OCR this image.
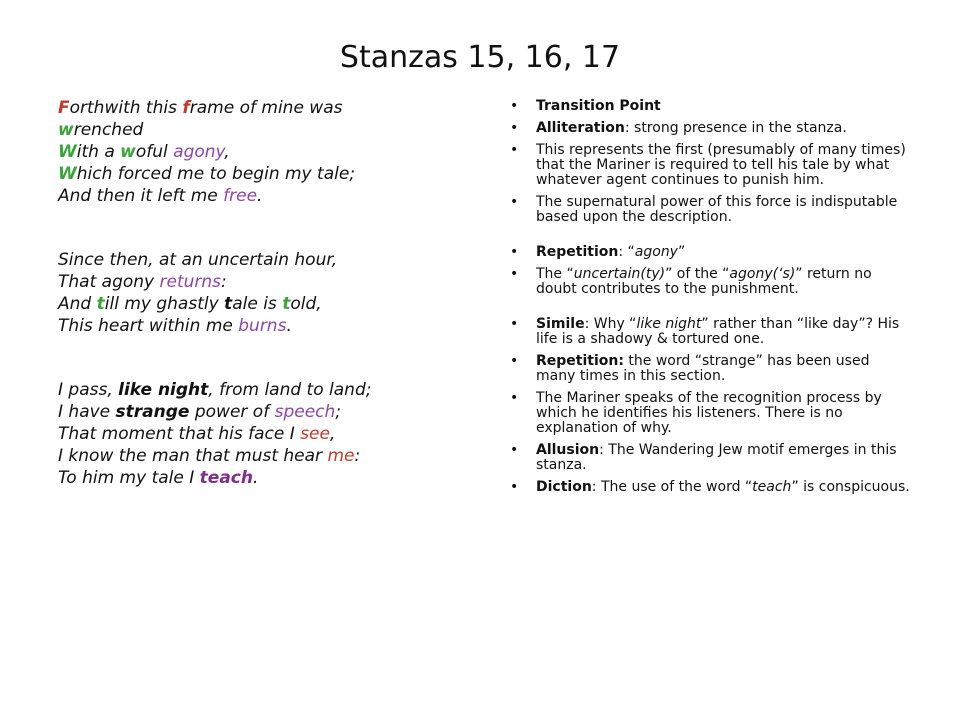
Stanzas 15, 16, 17
Forthwith this frame of mine was
wrenched
With a woful agony,
Which forced me to begin my tale;
And then it left me free.
Since then, at an uncertain hour,
That agony returns:
And till my ghastly tale is told,
This heart within me burns.
I pass, like night, from land to land;
I have strange power of speech;
That moment that his face I see,
I know the man that must hear me:
To him my tale I teach.
• Transition Point
• Alliteration: strong presence in the stanza.
• This represents the first (presumably of many times) that the Mariner is required to tell his tale by what whatever agent continues to punish him.
• The supernatural power of this force is indisputable based upon the description.
• Repetition: “agony”
• The “uncertain(ty)” of the “agony(‘s)” return no doubt contributes to the punishment.
• Simile: Why “like night” rather than “like day”? His life is a shadowy & tortured one.
• Repetition: the word “strange” has been used many times in this section.
• The Mariner speaks of the recognition process by which he identifies his listeners. There is no explanation of why.
• Allusion: The Wandering Jew motif emerges in this stanza.
• Diction: The use of the word “teach” is conspicuous.
